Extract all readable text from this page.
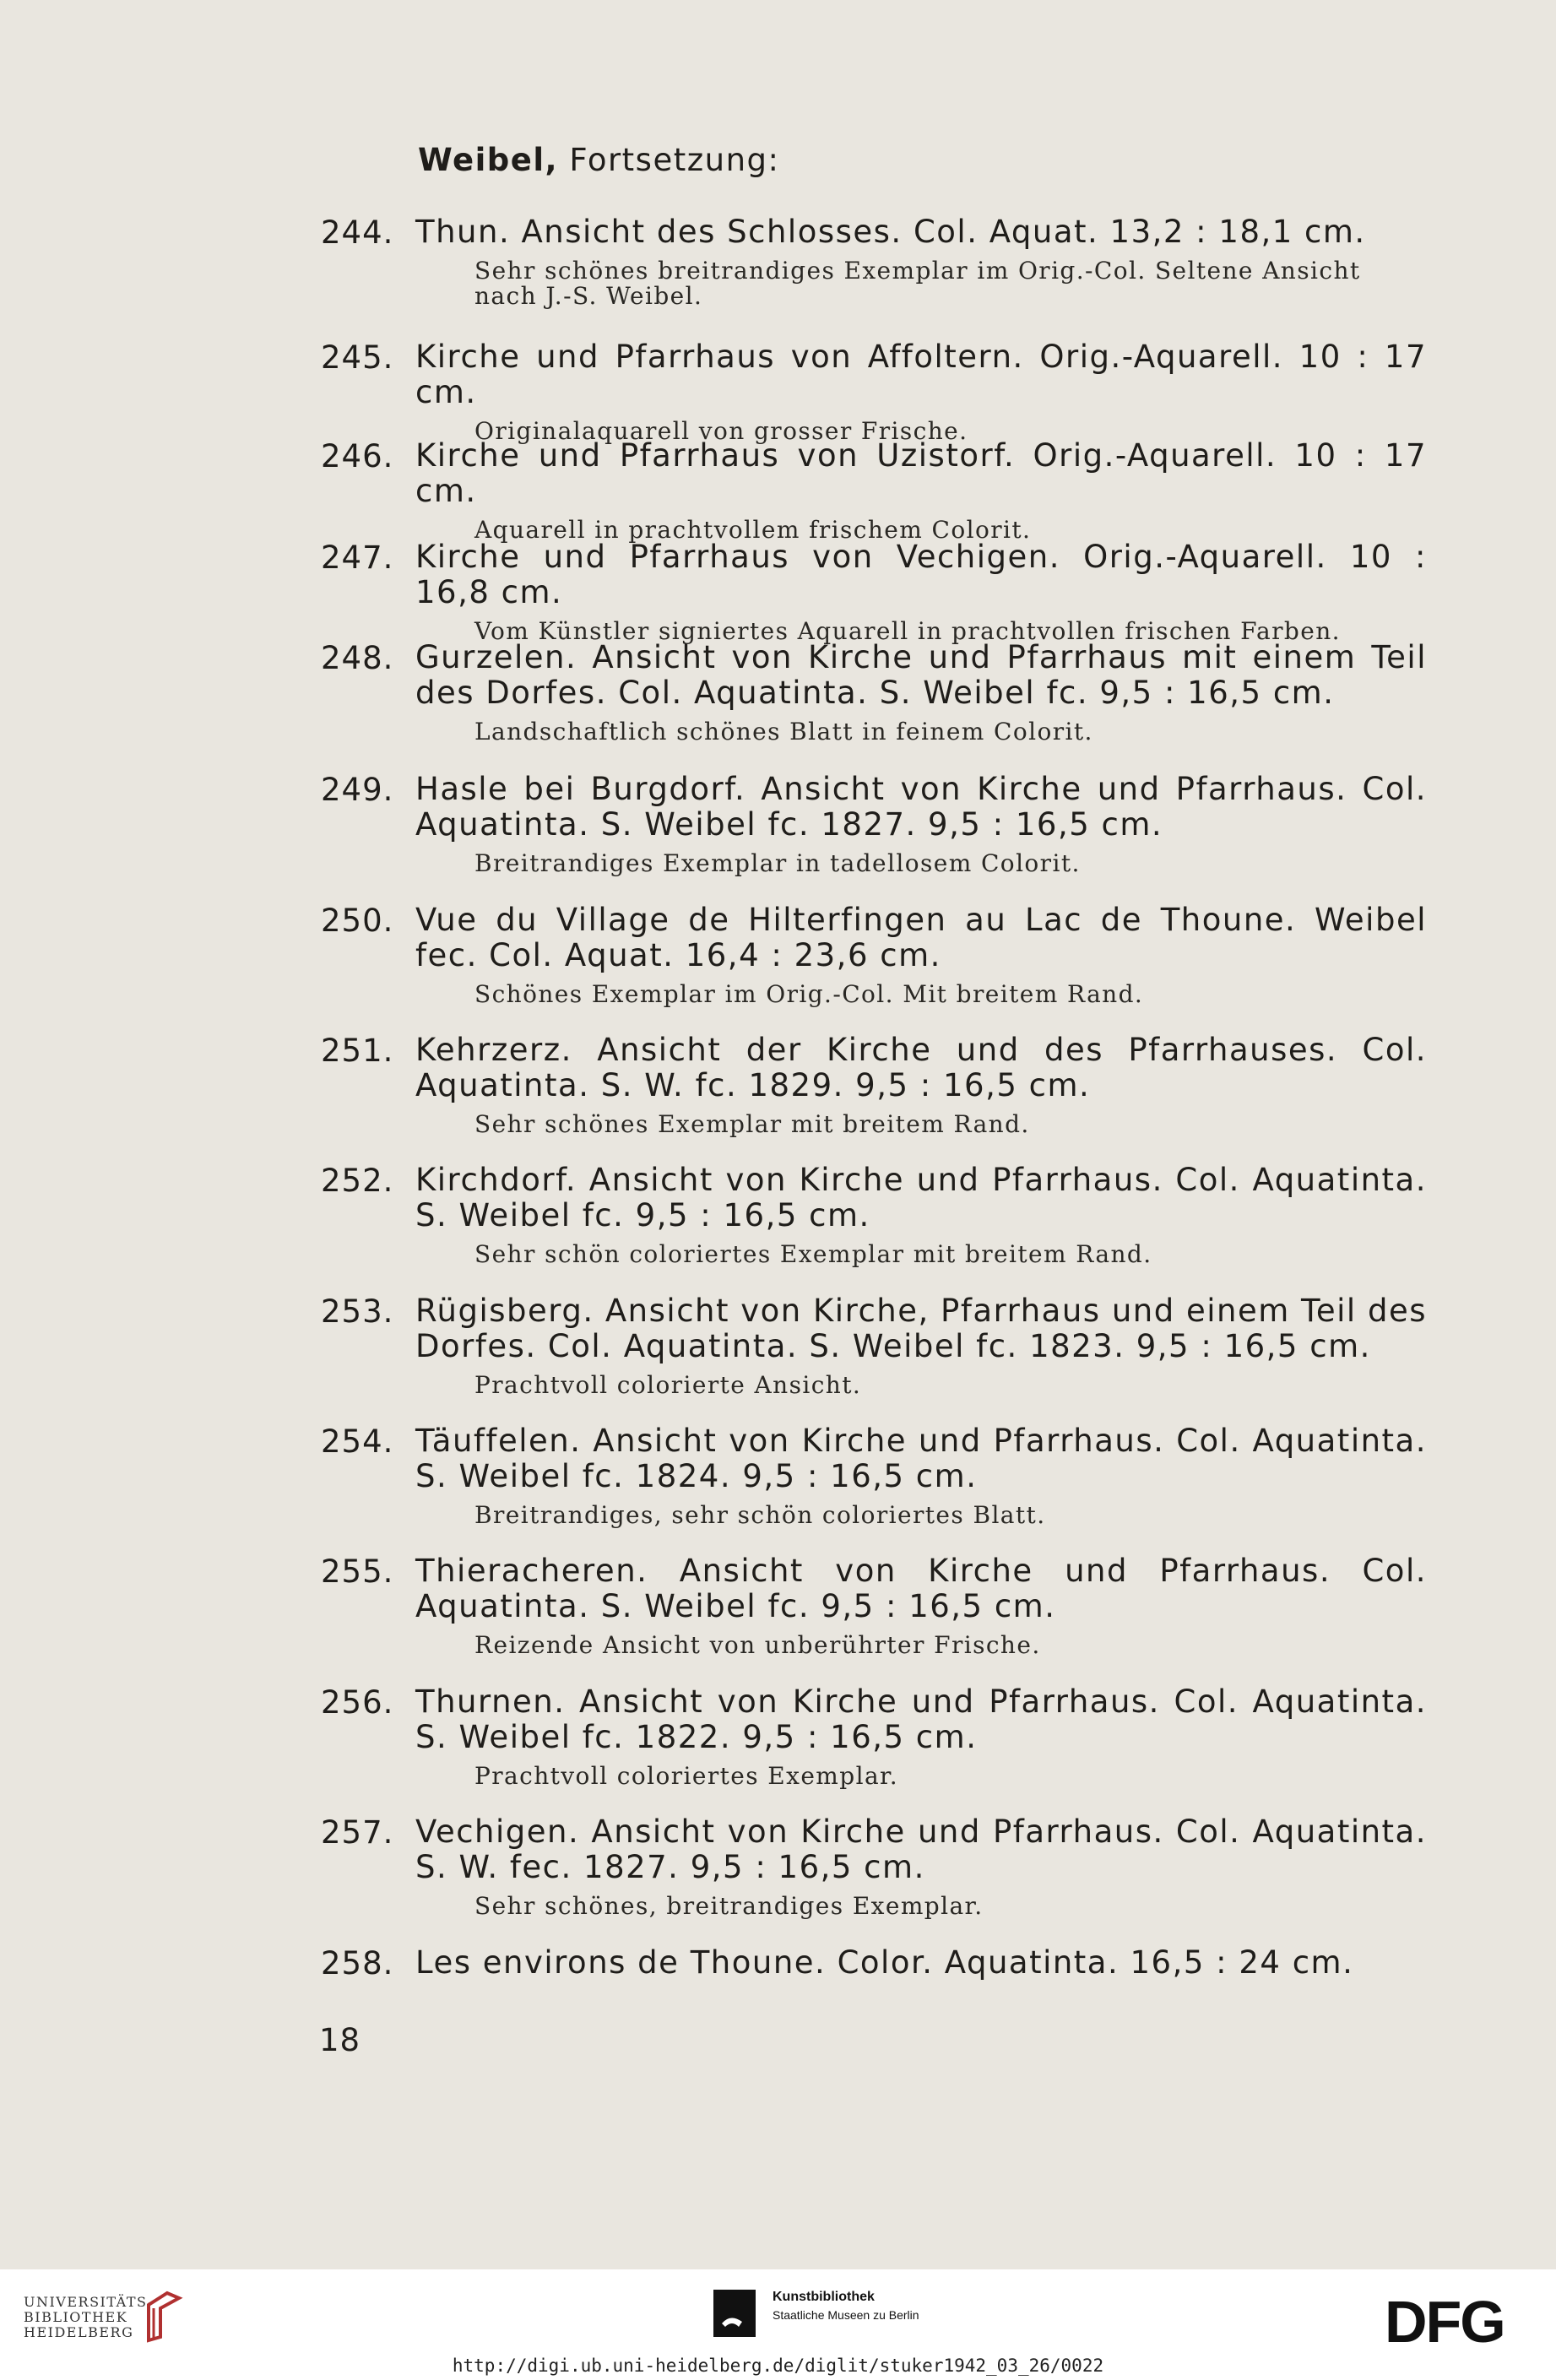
Weibel, Fortsetzung:
244. Thun. Ansicht des Schlosses. Col. Aquat. 13,2 : 18,1 cm.
Sehr schönes breitrandiges Exemplar im Orig.-Col. Seltene Ansicht nach J.-S. Weibel.
245. Kirche und Pfarrhaus von Affoltern. Orig.-Aquarell. 10 : 17 cm.
Originalaquarell von grosser Frische.
246. Kirche und Pfarrhaus von Uzistorf. Orig.-Aquarell. 10 : 17 cm.
Aquarell in prachtvollem frischem Colorit.
247. Kirche und Pfarrhaus von Vechigen. Orig.-Aquarell. 10 : 16,8 cm.
Vom Künstler signiertes Aquarell in prachtvollen frischen Farben.
248. Gurzelen. Ansicht von Kirche und Pfarrhaus mit einem Teil des Dorfes. Col. Aquatinta. S. Weibel fc. 9,5 : 16,5 cm.
Landschaftlich schönes Blatt in feinem Colorit.
249. Hasle bei Burgdorf. Ansicht von Kirche und Pfarrhaus. Col. Aquatinta. S. Weibel fc. 1827. 9,5 : 16,5 cm.
Breitrandiges Exemplar in tadellosem Colorit.
250. Vue du Village de Hilterfingen au Lac de Thoune. Weibel fec. Col. Aquat. 16,4 : 23,6 cm.
Schönes Exemplar im Orig.-Col. Mit breitem Rand.
251. Kehrzerz. Ansicht der Kirche und des Pfarrhauses. Col. Aquatinta. S. W. fc. 1829. 9,5 : 16,5 cm.
Sehr schönes Exemplar mit breitem Rand.
252. Kirchdorf. Ansicht von Kirche und Pfarrhaus. Col. Aquatinta. S. Weibel fc. 9,5 : 16,5 cm.
Sehr schön coloriertes Exemplar mit breitem Rand.
253. Rügisberg. Ansicht von Kirche, Pfarrhaus und einem Teil des Dorfes. Col. Aquatinta. S. Weibel fc. 1823. 9,5 : 16,5 cm.
Prachtvoll colorierte Ansicht.
254. Täuffelen. Ansicht von Kirche und Pfarrhaus. Col. Aquatinta. S. Weibel fc. 1824. 9,5 : 16,5 cm.
Breitrandiges, sehr schön coloriertes Blatt.
255. Thieracheren. Ansicht von Kirche und Pfarrhaus. Col. Aquatinta. S. Weibel fc. 9,5 : 16,5 cm.
Reizende Ansicht von unberührter Frische.
256. Thurnen. Ansicht von Kirche und Pfarrhaus. Col. Aquatinta. S. Weibel fc. 1822. 9,5 : 16,5 cm.
Prachtvoll coloriertes Exemplar.
257. Vechigen. Ansicht von Kirche und Pfarrhaus. Col. Aquatinta. S. W. fec. 1827. 9,5 : 16,5 cm.
Sehr schönes, breitrandiges Exemplar.
258. Les environs de Thoune. Color. Aquatinta. 16,5 : 24 cm.
18
UNIVERSITÄTS-
BIBLIOTHEK
HEIDELBERG
Kunstbibliothek
Staatliche Museen zu Berlin	DFG
http://digi.ub.uni-heidelberg.de/diglit/stuker1942_03_26/0022
